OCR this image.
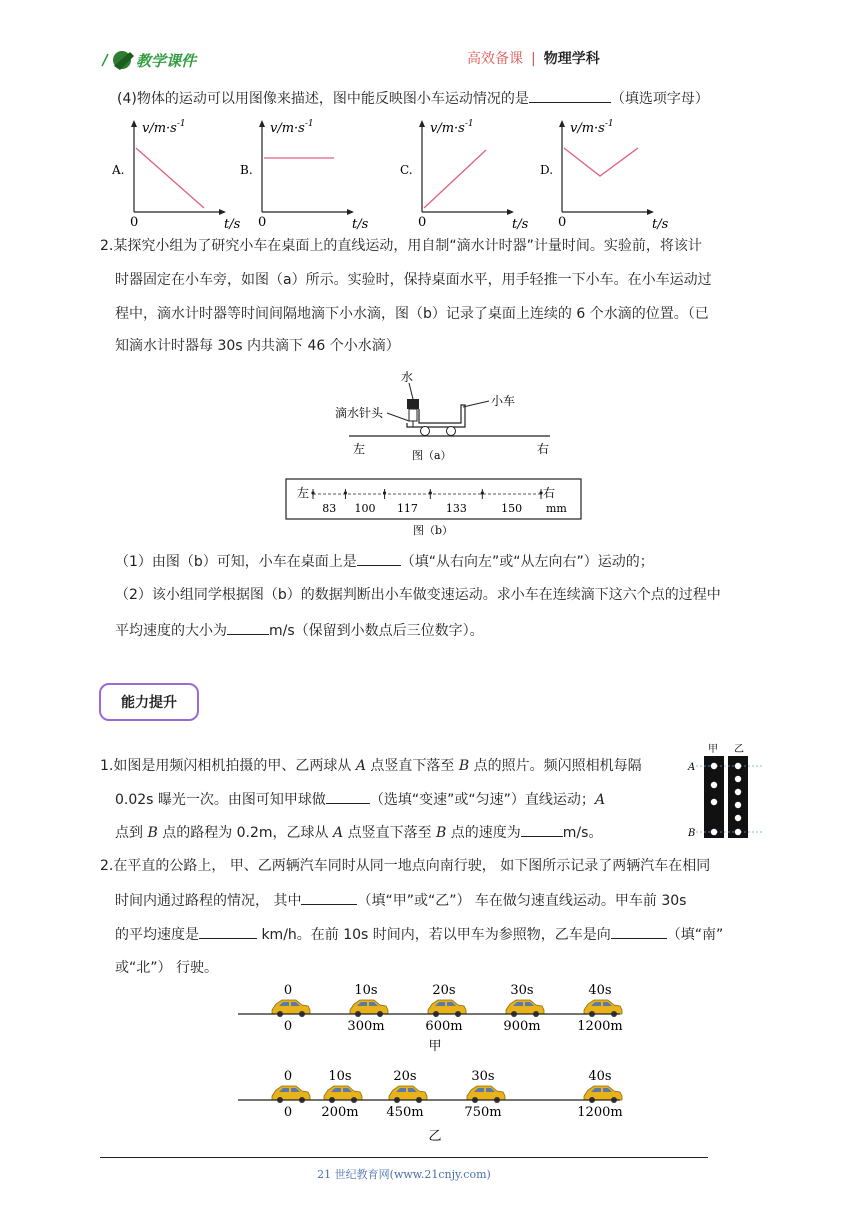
教学课件	高效备课 | 物理学科
(4)物体的运动可以用图像来描述，图中能反映图小车运动情况的是	（填选项字母）
$v/m\cdot s^{-1}$
t/s
0
A.
$v/m\cdot s^{-1}$
t/s
0
B.
$v/m\cdot s^{-1}$
t/s
0
C.
$v/m\cdot s^{-1}$
t/s
0
D.
2.某探究小组为了研究小车在桌面上的直线运动，用自制“滴水计时器”计量时间。实验前，将该计
时器固定在小车旁，如图（a）所示。实验时，保持桌面水平，用手轻推一下小车。在小车运动过
程中，滴水计时器等时间间隔地滴下小水滴，图（b）记录了桌面上连续的 6 个水滴的位置。（已
知滴水计时器每 30s 内共滴下 46 个小水滴）
水
滴水针头
小车
左	右
图（a）
左	右
mm
图（b）
83 100 117	133	150
（1）由图（b）可知，小车在桌面上是	（填“从右向左”或“从左向右”）运动的；
（2）该小组同学根据图（b）的数据判断出小车做变速运动。求小车在连续滴下这六个点的过程中
平均速度的大小为	m/s（保留到小数点后三位数字）。
能力提升
1.如图是用频闪相机拍摄的甲、乙两球从 A 点竖直下落至 B 点的照片。频闪照相机每隔
0.02s 曝光一次。由图可知甲球做	（选填“变速”或“匀速”）直线运动；A
点到 B 点的路程为 0.2m，乙球从 A 点竖直下落至 B 点的速度为	m/s。
甲 乙
A
B
2.在平直的公路上， 甲、乙两辆汽车同时从同一地点向南行驶， 如下图所示记录了两辆汽车在相同
时间内通过路程的情况， 其中	（填“甲”或“乙”） 车在做匀速直线运动。甲车前 30s
的平均速度是	km/h。在前 10s 时间内，若以甲车为参照物，乙车是向	（填“南”
或“北”） 行驶。
0
0
10s
300m
20s
600m
30s
900m
40s
1200m
甲
0
0
10s
200m
20s
450m
30s
750m
40s
1200m
乙
21 世纪教育网(www.21cnjy.com)
